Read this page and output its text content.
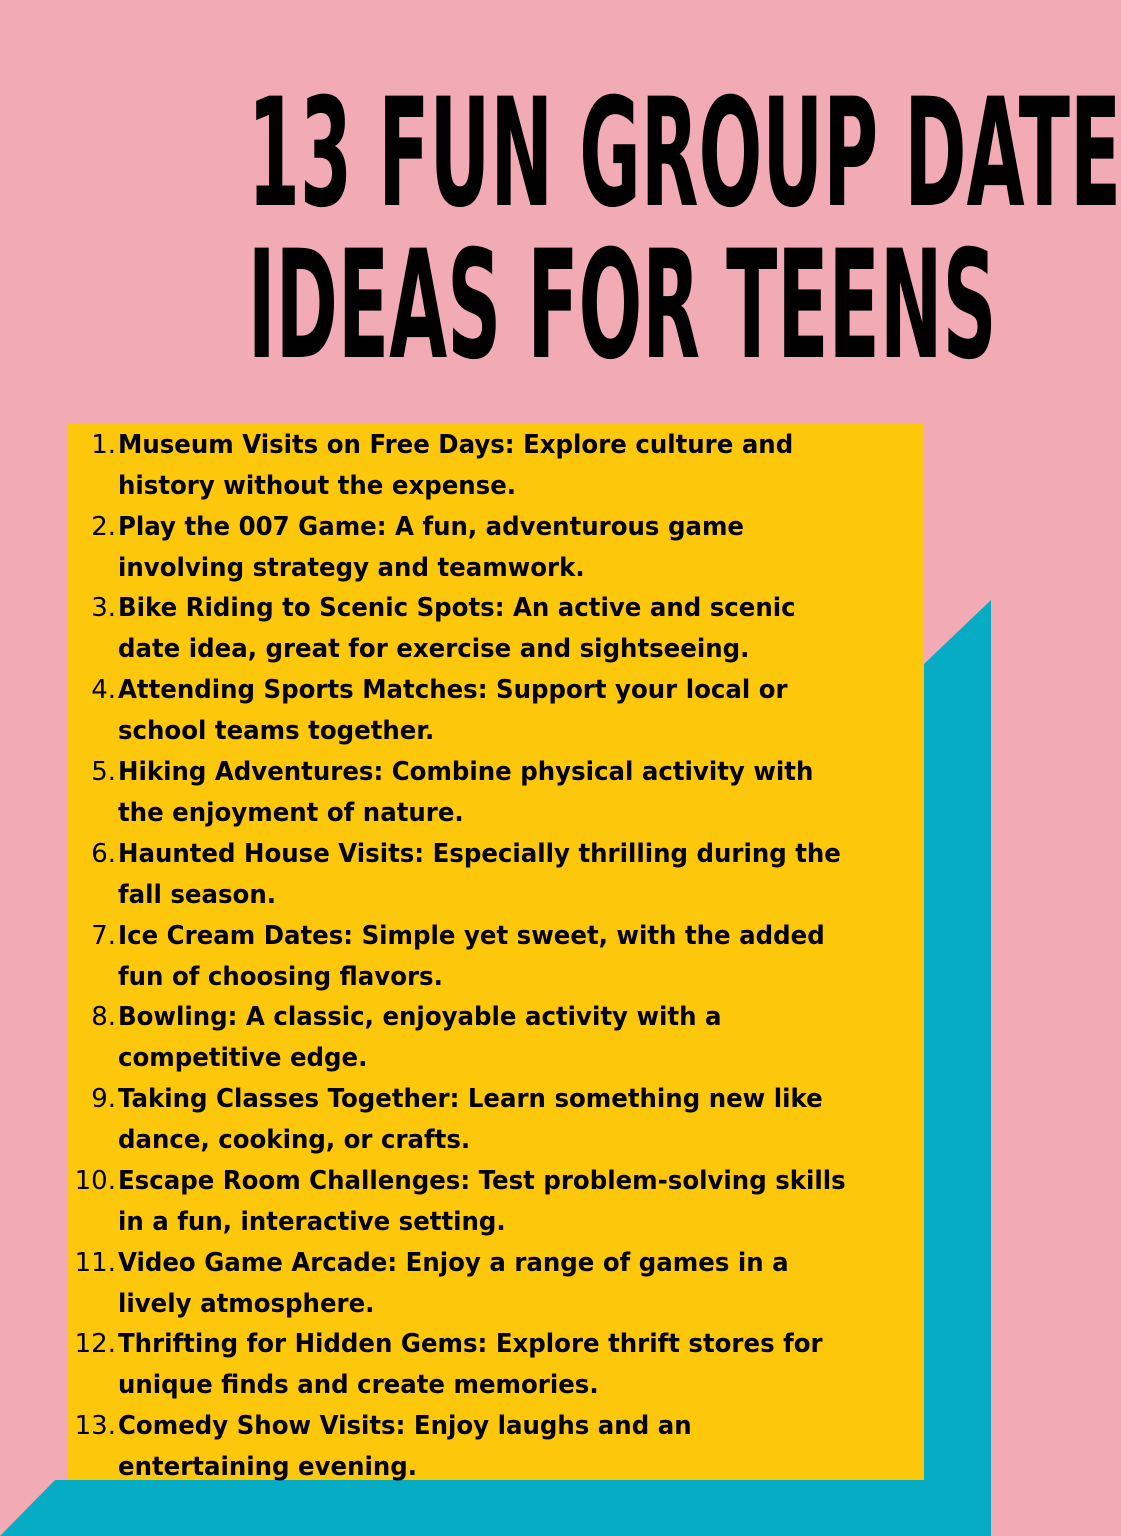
13 FUN GROUP DATE
IDEAS FOR TEENS
1. Museum Visits on Free Days: Explore culture and
history without the expense.
2. Play the 007 Game: A fun, adventurous game
involving strategy and teamwork.
3. Bike Riding to Scenic Spots: An active and scenic
date idea, great for exercise and sightseeing.
4. Attending Sports Matches: Support your local or
school teams together.
5. Hiking Adventures: Combine physical activity with
the enjoyment of nature.
6. Haunted House Visits: Especially thrilling during the
fall season.
7. Ice Cream Dates: Simple yet sweet, with the added
fun of choosing flavors.
8. Bowling: A classic, enjoyable activity with a
competitive edge.
9. Taking Classes Together: Learn something new like
dance, cooking, or crafts.
10. Escape Room Challenges: Test problem-solving skills
in a fun, interactive setting.
11. Video Game Arcade: Enjoy a range of games in a
lively atmosphere.
12. Thrifting for Hidden Gems: Explore thrift stores for
unique finds and create memories.
13. Comedy Show Visits: Enjoy laughs and an
entertaining evening.
